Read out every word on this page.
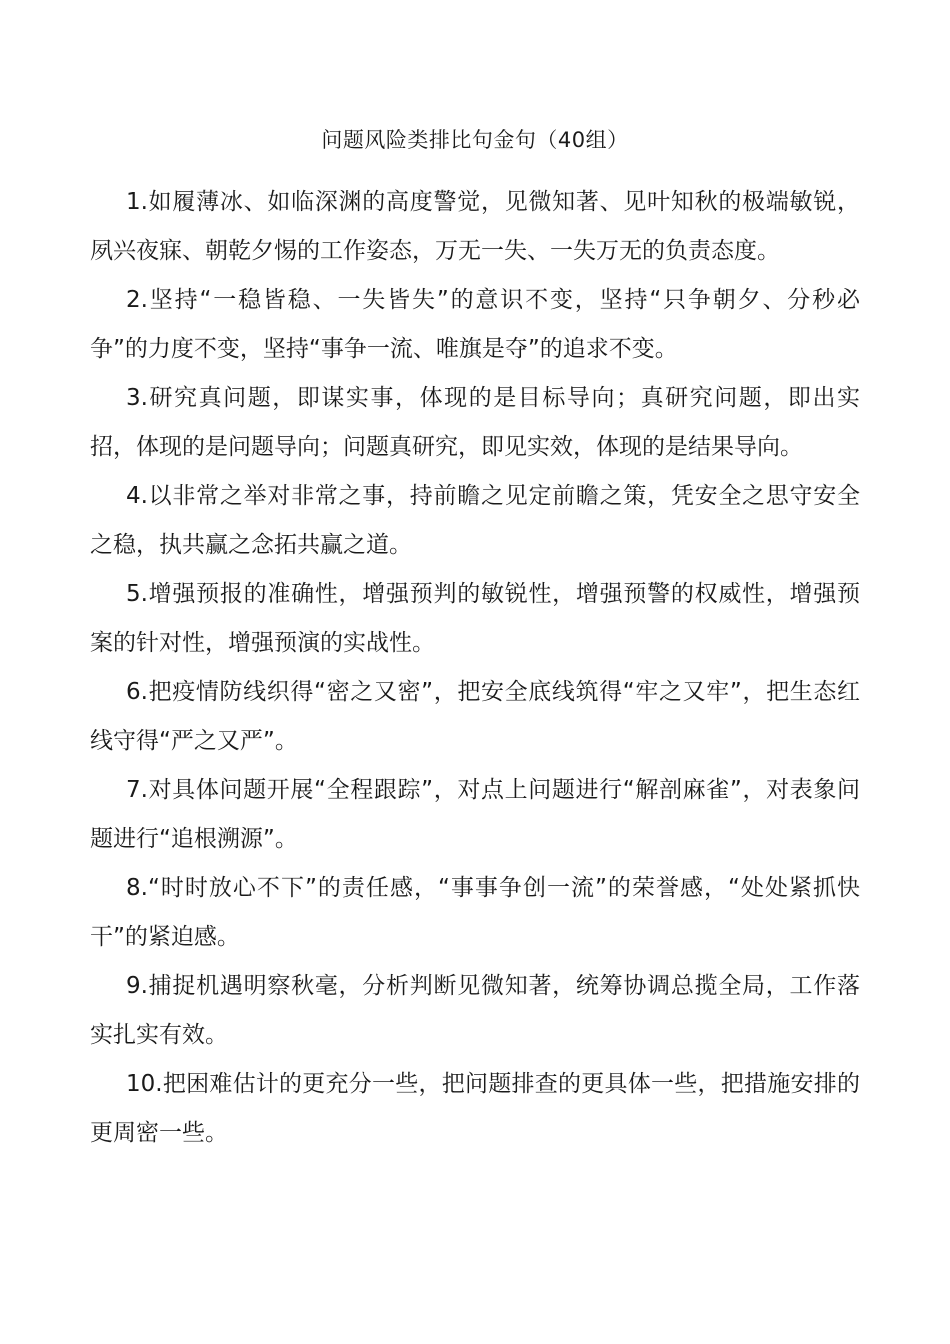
问题风险类排比句金句（40组）

1.如履薄冰、如临深渊的高度警觉，见微知著、见叶知秋的极端敏锐，夙兴夜寐、朝乾夕惕的工作姿态，万无一失、一失万无的负责态度。

2.坚持“一稳皆稳、一失皆失”的意识不变，坚持“只争朝夕、分秒必争”的力度不变，坚持“事争一流、唯旗是夺”的追求不变。

3.研究真问题，即谋实事，体现的是目标导向；真研究问题，即出实招，体现的是问题导向；问题真研究，即见实效，体现的是结果导向。

4.以非常之举对非常之事，持前瞻之见定前瞻之策，凭安全之思守安全之稳，执共赢之念拓共赢之道。

5.增强预报的准确性，增强预判的敏锐性，增强预警的权威性，增强预案的针对性，增强预演的实战性。

6.把疫情防线织得“密之又密”，把安全底线筑得“牢之又牢”，把生态红线守得“严之又严”。

7.对具体问题开展“全程跟踪”，对点上问题进行“解剖麻雀”，对表象问题进行“追根溯源”。

8.“时时放心不下”的责任感，“事事争创一流”的荣誉感，“处处紧抓快干”的紧迫感。

9.捕捉机遇明察秋毫，分析判断见微知著，统筹协调总揽全局，工作落实扎实有效。

10.把困难估计的更充分一些，把问题排查的更具体一些，把措施安排的更周密一些。
